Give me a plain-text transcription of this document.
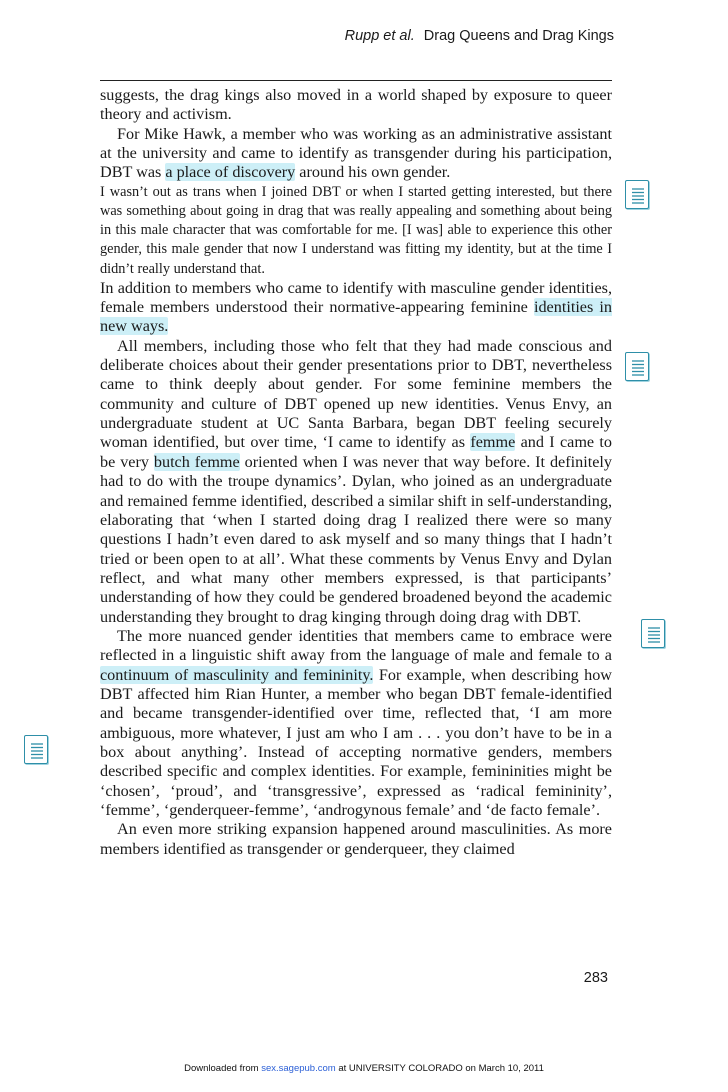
Rupp et al. Drag Queens and Drag Kings

suggests, the drag kings also moved in a world shaped by exposure to queer theory and activism.

For Mike Hawk, a member who was working as an administrative assistant at the university and came to identify as transgender during his participation, DBT was a place of discovery around his own gender.

I wasn’t out as trans when I joined DBT or when I started getting interested, but there was something about going in drag that was really appealing and something about being in this male character that was comfortable for me. [I was] able to experience this other gender, this male gender that now I understand was fitting my identity, but at the time I didn’t really understand that.

In addition to members who came to identify with masculine gender identities, female members understood their normative-appearing feminine identities in new ways.

All members, including those who felt that they had made conscious and deliberate choices about their gender presentations prior to DBT, nevertheless came to think deeply about gender. For some feminine members the community and culture of DBT opened up new identities. Venus Envy, an undergraduate student at UC Santa Barbara, began DBT feeling securely woman identified, but over time, ‘I came to identify as femme and I came to be very butch femme oriented when I was never that way before. It definitely had to do with the troupe dynamics’. Dylan, who joined as an undergraduate and remained femme identified, described a similar shift in self-understanding, elaborating that ‘when I started doing drag I realized there were so many questions I hadn’t even dared to ask myself and so many things that I hadn’t tried or been open to at all’. What these comments by Venus Envy and Dylan reflect, and what many other members expressed, is that participants’ understanding of how they could be gendered broadened beyond the academic understanding they brought to drag kinging through doing drag with DBT.

The more nuanced gender identities that members came to embrace were reflected in a linguistic shift away from the language of male and female to a continuum of masculinity and femininity. For example, when describing how DBT affected him Rian Hunter, a member who began DBT female-identified and became transgender-identified over time, reflected that, ‘I am more ambiguous, more whatever, I just am who I am . . . you don’t have to be in a box about anything’. Instead of accepting normative genders, members described specific and complex identities. For example, femininities might be ‘chosen’, ‘proud’, and ‘transgressive’, expressed as ‘radical femininity’, ‘femme’, ‘genderqueer-femme’, ‘androgynous female’ and ‘de facto female’.

An even more striking expansion happened around masculinities. As more members identified as transgender or genderqueer, they claimed

283
Downloaded from sex.sagepub.com at UNIVERSITY COLORADO on March 10, 2011
